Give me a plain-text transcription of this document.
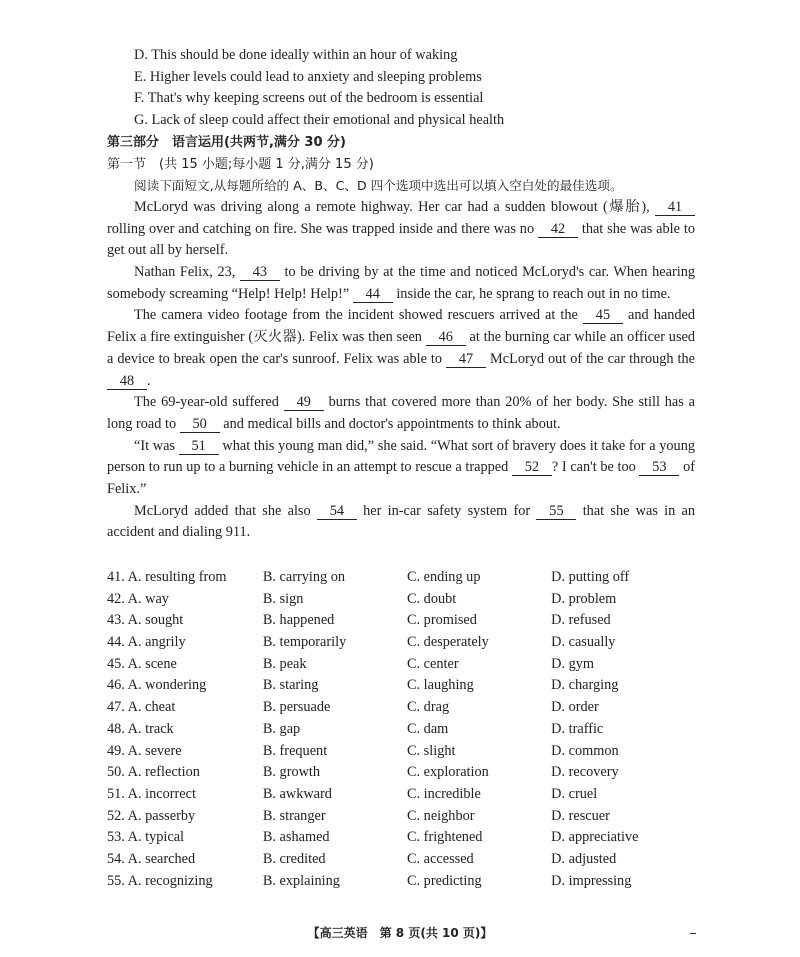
D. This should be done ideally within an hour of waking
E. Higher levels could lead to anxiety and sleeping problems
F. That's why keeping screens out of the bedroom is essential
G. Lack of sleep could affect their emotional and physical health
第三部分　语言运用(共两节,满分 30 分)
第一节　(共 15 小题;每小题 1 分,满分 15 分)
阅读下面短文,从每题所给的 A、B、C、D 四个选项中选出可以填入空白处的最佳选项。

McLoryd was driving along a remote highway. Her car had a sudden blowout (爆胎), 41 rolling over and catching on fire. She was trapped inside and there was no 42 that she was able to get out all by herself.

Nathan Felix, 23, 43 to be driving by at the time and noticed McLoryd's car. When hearing somebody screaming “Help! Help! Help!” 44 inside the car, he sprang to reach out in no time.

The camera video footage from the incident showed rescuers arrived at the 45 and handed Felix a fire extinguisher (灭火器). Felix was then seen 46 at the burning car while an officer used a device to break open the car's sunroof. Felix was able to 47 McLoryd out of the car through the 48 .

The 69-year-old suffered 49 burns that covered more than 20% of her body. She still has a long road to 50 and medical bills and doctor's appointments to think about.

“It was 51 what this young man did,” she said. “What sort of bravery does it take for a young person to run up to a burning vehicle in an attempt to rescue a trapped 52 ? I can't be too 53 of Felix.”

McLoryd added that she also 54 her in-car safety system for 55 that she was in an accident and dialing 911.

41. A. resulting from	B. carrying on	C. ending up	D. putting off
42. A. way	B. sign	C. doubt	D. problem
43. A. sought	B. happened	C. promised	D. refused
44. A. angrily	B. temporarily	C. desperately	D. casually
45. A. scene	B. peak	C. center	D. gym
46. A. wondering	B. staring	C. laughing	D. charging
47. A. cheat	B. persuade	C. drag	D. order
48. A. track	B. gap	C. dam	D. traffic
49. A. severe	B. frequent	C. slight	D. common
50. A. reflection	B. growth	C. exploration	D. recovery
51. A. incorrect	B. awkward	C. incredible	D. cruel
52. A. passerby	B. stranger	C. neighbor	D. rescuer
53. A. typical	B. ashamed	C. frightened	D. appreciative
54. A. searched	B. credited	C. accessed	D. adjusted
55. A. recognizing	B. explaining	C. predicting	D. impressing
【高三英语　第 8 页(共 10 页)】
